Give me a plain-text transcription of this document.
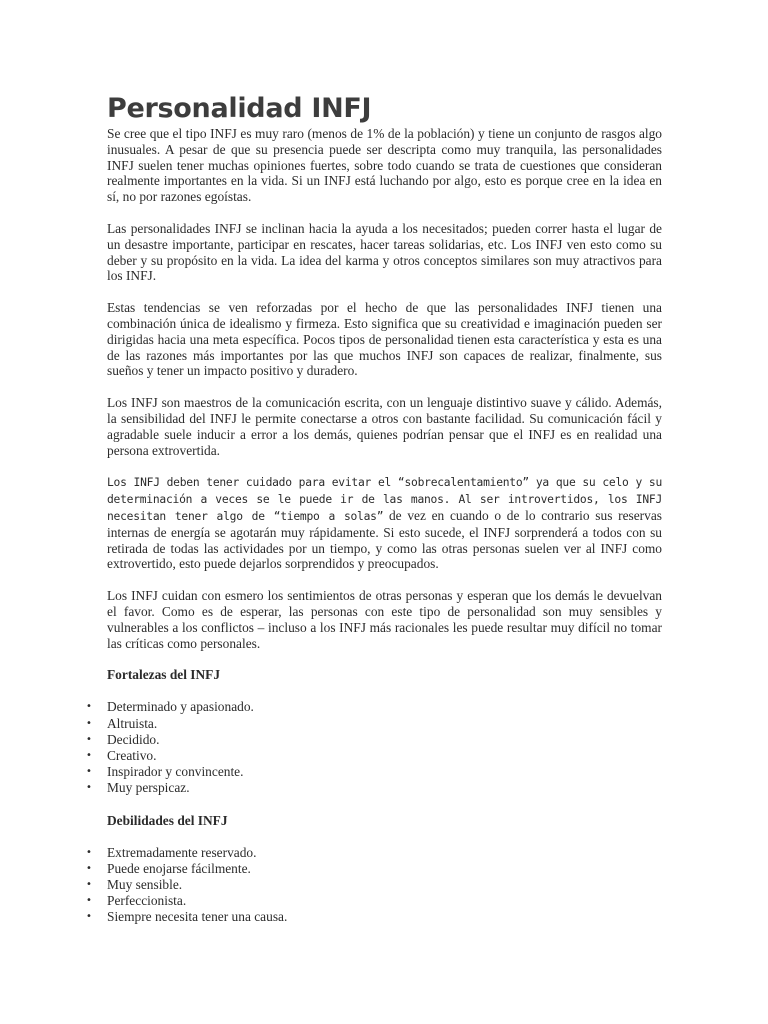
Personalidad INFJ

Se cree que el tipo INFJ es muy raro (menos de 1% de la población) y tiene un conjunto de rasgos algo inusuales. A pesar de que su presencia puede ser descripta como muy tranquila, las personalidades INFJ suelen tener muchas opiniones fuertes, sobre todo cuando se trata de cuestiones que consideran realmente importantes en la vida. Si un INFJ está luchando por algo, esto es porque cree en la idea en sí, no por razones egoístas.

Las personalidades INFJ se inclinan hacia la ayuda a los necesitados; pueden correr hasta el lugar de un desastre importante, participar en rescates, hacer tareas solidarias, etc. Los INFJ ven esto como su deber y su propósito en la vida. La idea del karma y otros conceptos similares son muy atractivos para los INFJ.

Estas tendencias se ven reforzadas por el hecho de que las personalidades INFJ tienen una combinación única de idealismo y firmeza. Esto significa que su creatividad e imaginación pueden ser dirigidas hacia una meta específica. Pocos tipos de personalidad tienen esta característica y esta es una de las razones más importantes por las que muchos INFJ son capaces de realizar, finalmente, sus sueños y tener un impacto positivo y duradero.

Los INFJ son maestros de la comunicación escrita, con un lenguaje distintivo suave y cálido. Además, la sensibilidad del INFJ le permite conectarse a otros con bastante facilidad. Su comunicación fácil y agradable suele inducir a error a los demás, quienes podrían pensar que el INFJ es en realidad una persona extrovertida.

Los INFJ deben tener cuidado para evitar el “sobrecalentamiento” ya que su celo y su determinación a veces se le puede ir de las manos. Al ser introvertidos, los INFJ necesitan tener algo de “tiempo a solas” de vez en cuando o de lo contrario sus reservas internas de energía se agotarán muy rápidamente. Si esto sucede, el INFJ sorprenderá a todos con su retirada de todas las actividades por un tiempo, y como las otras personas suelen ver al INFJ como extrovertido, esto puede dejarlos sorprendidos y preocupados.

Los INFJ cuidan con esmero los sentimientos de otras personas y esperan que los demás le devuelvan el favor. Como es de esperar, las personas con este tipo de personalidad son muy sensibles y vulnerables a los conflictos – incluso a los INFJ más racionales les puede resultar muy difícil no tomar las críticas como personales.

Fortalezas del INFJ

• Determinado y apasionado.
• Altruista.
• Decidido.
• Creativo.
• Inspirador y convincente.
• Muy perspicaz.

Debilidades del INFJ

• Extremadamente reservado.
• Puede enojarse fácilmente.
• Muy sensible.
• Perfeccionista.
• Siempre necesita tener una causa.
